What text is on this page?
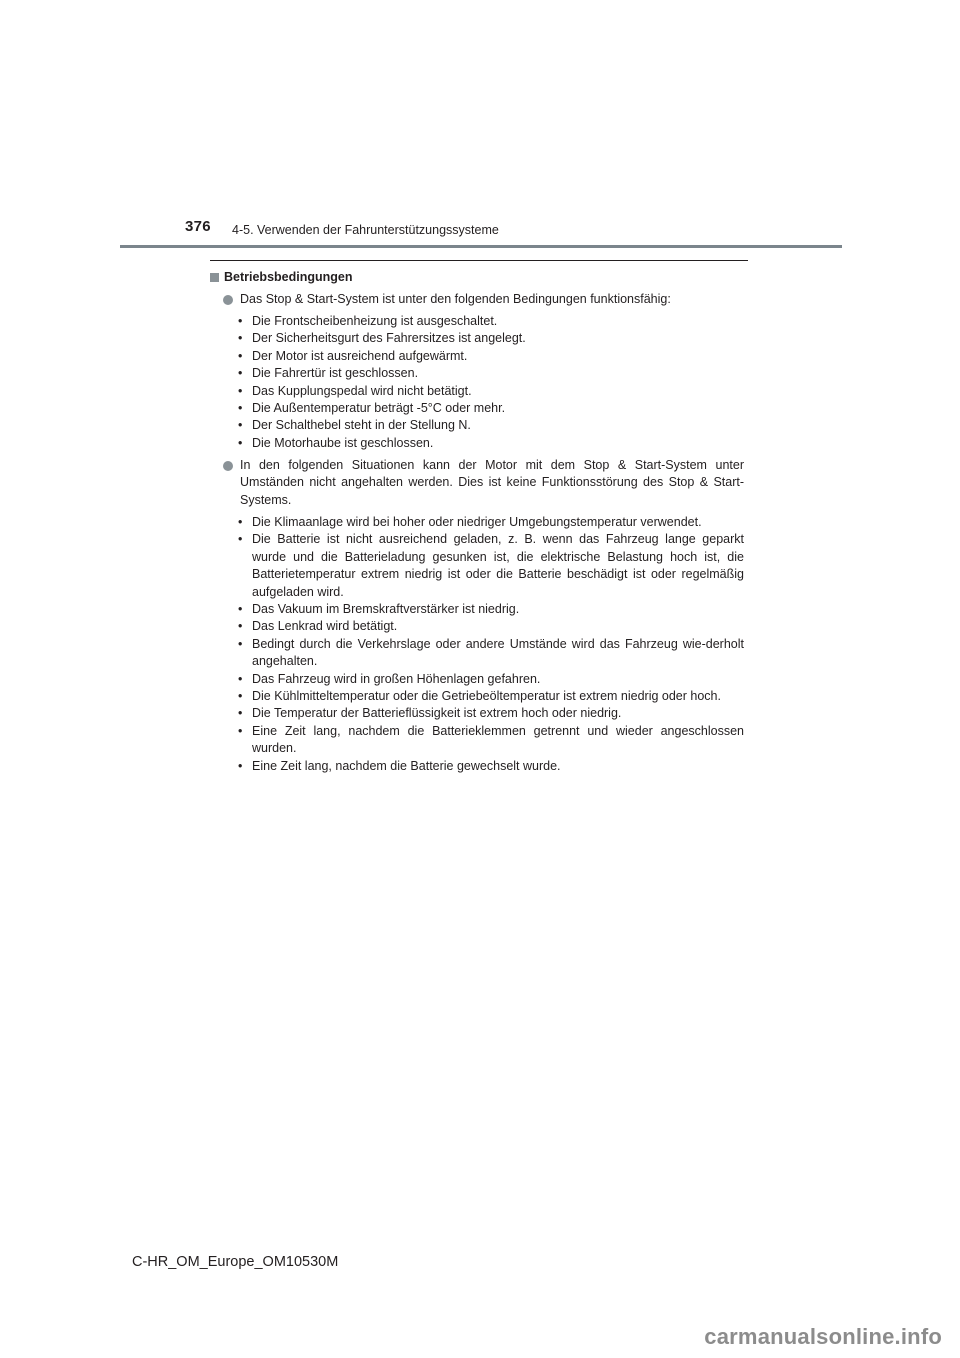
376 4-5. Verwenden der Fahrunterstützungssysteme
Betriebsbedingungen
Das Stop & Start-System ist unter den folgenden Bedingungen funktionsfähig:
• Die Frontscheibenheizung ist ausgeschaltet.
• Der Sicherheitsgurt des Fahrersitzes ist angelegt.
• Der Motor ist ausreichend aufgewärmt.
• Die Fahrertür ist geschlossen.
• Das Kupplungspedal wird nicht betätigt.
• Die Außentemperatur beträgt -5°C oder mehr.
• Der Schalthebel steht in der Stellung N.
• Die Motorhaube ist geschlossen.
In den folgenden Situationen kann der Motor mit dem Stop & Start-System unter Umständen nicht angehalten werden. Dies ist keine Funktionsstörung des Stop & Start-Systems.
• Die Klimaanlage wird bei hoher oder niedriger Umgebungstemperatur verwendet.
• Die Batterie ist nicht ausreichend geladen, z. B. wenn das Fahrzeug lange geparkt wurde und die Batterieladung gesunken ist, die elektrische Belastung hoch ist, die Batterietemperatur extrem niedrig ist oder die Batterie beschädigt ist oder regelmäßig aufgeladen wird.
• Das Vakuum im Bremskraftverstärker ist niedrig.
• Das Lenkrad wird betätigt.
• Bedingt durch die Verkehrslage oder andere Umstände wird das Fahrzeug wie-derholt angehalten.
• Das Fahrzeug wird in großen Höhenlagen gefahren.
• Die Kühlmitteltemperatur oder die Getriebeöltemperatur ist extrem niedrig oder hoch.
• Die Temperatur der Batterieflüssigkeit ist extrem hoch oder niedrig.
• Eine Zeit lang, nachdem die Batterieklemmen getrennt und wieder angeschlossen wurden.
• Eine Zeit lang, nachdem die Batterie gewechselt wurde.
C-HR_OM_Europe_OM10530M
carmanualsonline.info
